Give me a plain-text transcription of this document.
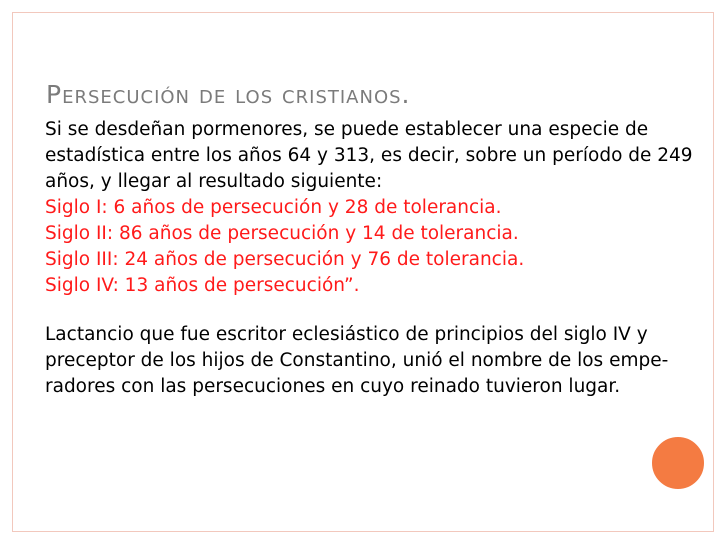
Persecución de los cristianos.

Si se desdeñan pormenores, se puede establecer una especie de estadística entre los años 64 y 313, es decir, sobre un período de 249 años, y llegar al resultado siguiente:

Siglo I: 6 años de persecución y 28 de tolerancia.

Siglo II: 86 años de persecución y 14 de tolerancia.

Siglo III: 24 años de persecución y 76 de tolerancia.

Siglo IV: 13 años de persecución”.

Lactancio que fue escritor eclesiástico de principios del siglo IV y preceptor de los hijos de Constantino, unió el nombre de los empe-radores con las persecuciones en cuyo reinado tuvieron lugar.
